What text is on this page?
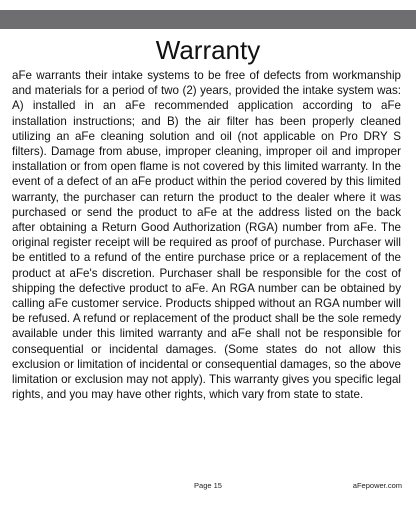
Warranty

aFe warrants their intake systems to be free of defects from workmanship and materials for a period of two (2) years, provided the intake system was: A) installed in an aFe recommended application according to aFe installation instructions; and B) the air filter has been properly cleaned utilizing an aFe cleaning solution and oil (not applicable on Pro DRY S filters). Damage from abuse, improper cleaning, improper oil and improper installation or from open flame is not covered by this limited warranty. In the event of a defect of an aFe product within the period covered by this limited warranty, the purchaser can return the product to the dealer where it was purchased or send the product to aFe at the address listed on the back after obtaining a Return Good Authorization (RGA) number from aFe. The original register receipt will be required as proof of purchase. Purchaser will be entitled to a refund of the entire purchase price or a replacement of the product at aFe's discretion. Purchaser shall be responsible for the cost of shipping the defective product to aFe. An RGA number can be obtained by calling aFe customer service. Products shipped without an RGA number will be refused. A refund or replacement of the product shall be the sole remedy available under this limited warranty and aFe shall not be responsible for consequential or incidental damages. (Some states do not allow this exclusion or limitation of incidental or consequential damages, so the above limitation or exclusion may not apply). This warranty gives you specific legal rights, and you may have other rights, which vary from state to state.

Page 15	aFepower.com
